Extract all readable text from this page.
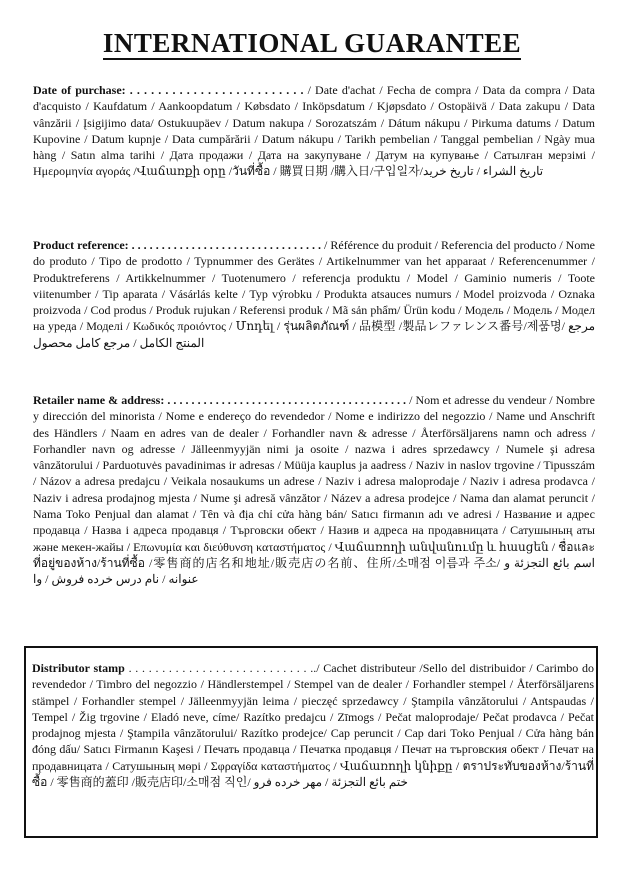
INTERNATIONAL GUARANTEE

Date of purchase: . . . . . . . . . . . . . . . . . . . . . . . . . / Date d'achat / Fecha de compra / Data da compra / Data d'acquisto / Kaufdatum / Aankoopdatum / Købsdato / Inköpsdatum / Kjøpsdato / Ostopäivä / Data zakupu / Data vânzării / Įsigijimo data/ Ostukuupäev / Datum nakupa / Sorozatszám / Dátum nákupu / Pirkuma datums / Datum Kupovine / Datum kupnje / Data cumpărării / Datum nákupu / Tarikh pembelian / Tanggal pembelian / Ngày mua hàng / Satın alma tarihi / Дата продажи / Дата на закупуване / Датум на купување / Сатылған мерзімі / Ημερομηνία αγοράς /Վաճառքի օրը /วันที่ซื้อ / 購買日期 /購入日/구입일자/تاريخ الشراء / تاریخ خرید

Product reference: . . . . . . . . . . . . . . . . . . . . . . . . . . . . . . . . / Référence du produit / Referencia del producto / Nome do produto / Tipo de prodotto / Typnummer des Gerätes / Artikelnummer van het apparaat / Referencenummer / Produktreferens / Artikkelnummer / Tuotenumero / referencja produktu / Model / Gaminio numeris / Toote viitenumber / Tip aparata / Vásárlás kelte / Typ výrobku / Produkta atsauces numurs / Model proizvoda / Oznaka proizvoda / Cod produs / Produk rujukan / Referensi produk / Mã sản phẩm/ Ürün kodu / Модель / Модель / Модел на уреда / Моделі / Κωδικός προιόντος / Մոդել / รุ่นผลิตภัณฑ์ / 品模型 /製品レファレンス番号/제품명/ مرجع المنتج الكامل / مرجع کامل محصول

Retailer name & address: . . . . . . . . . . . . . . . . . . . . . . . . . . . . . . . . . . . . . . . . / Nom et adresse du vendeur / Nombre y dirección del minorista / Nome e endereço do revendedor / Nome e indirizzo del negozzio / Name und Anschrift des Händlers / Naam en adres van de dealer / Forhandler navn & adresse / Återförsäljarens namn och adress / Forhandler navn og adresse / Jälleenmyyjän nimi ja osoite / nazwa i adres sprzedawcy / Numele şi adresa vânzătorului / Parduotuvės pavadinimas ir adresas / Müüja kauplus ja aadress / Naziv in naslov trgovine / Tipusszám / Názov a adresa predajcu / Veikala nosaukums un adrese / Naziv i adresa maloprodaje / Naziv i adresa prodavca / Naziv i adresa prodajnog mjesta / Nume şi adresă vânzător / Název a adresa prodejce / Nama dan alamat peruncit / Nama Toko Penjual dan alamat / Tên và địa chỉ cửa hàng bán/ Satıcı firmanın adı ve adresi / Название и адрес продавца / Назва і адреса продавця / Търговски обект / Назив и адреса на продавницата / Сатушының аты және мекен-жайы / Επωνυμία και διεύθυνση καταστήματος / Վաճառողի անվանումը և հասցեն / ชื่อและที่อยู่ของห้าง/ร้านที่ซื้อ /零售商的店名和地址/販売店の名前、住所/소매점 이름과 주소/ اسم بائع التجزئة و عنوانه / نام درس خرده فروش / وا

Distributor stamp . . . . . . . . . . . . . . . . . . . . . . . . . . . ../ Cachet distributeur /Sello del distribuidor / Carimbo do revendedor / Timbro del negozzio / Händlerstempel / Stempel van de dealer / Forhandler stempel / Återförsäljarens stämpel / Forhandler stempel / Jälleenmyyjän leima / pieczęć sprzedawcy / Ştampila vânzătorului / Antspaudas / Tempel / Žig trgovine / Eladó neve, címe/ Razítko predajcu / Zīmogs / Pečat maloprodaje/ Pečat prodavca / Pečat prodajnog mjesta / Ştampila vânzătorului/ Razítko prodejce/ Cap peruncit / Cap dari Toko Penjual / Cửa hàng bán đóng dấu/ Satıcı Firmanın Kaşesi / Печать продавца / Печатка продавця / Печат на търговския обект / Печат на продавницата / Сатушының мөрі / Σφραγίδα καταστήματος / Վաճառողի կնիքը / ตราประทับของห้าง/ร้านที่ซื้อ / 零售商的蓋印 /販売店印/소매점 직인/ ختم بائع التجزئة / مهر خرده فرو
